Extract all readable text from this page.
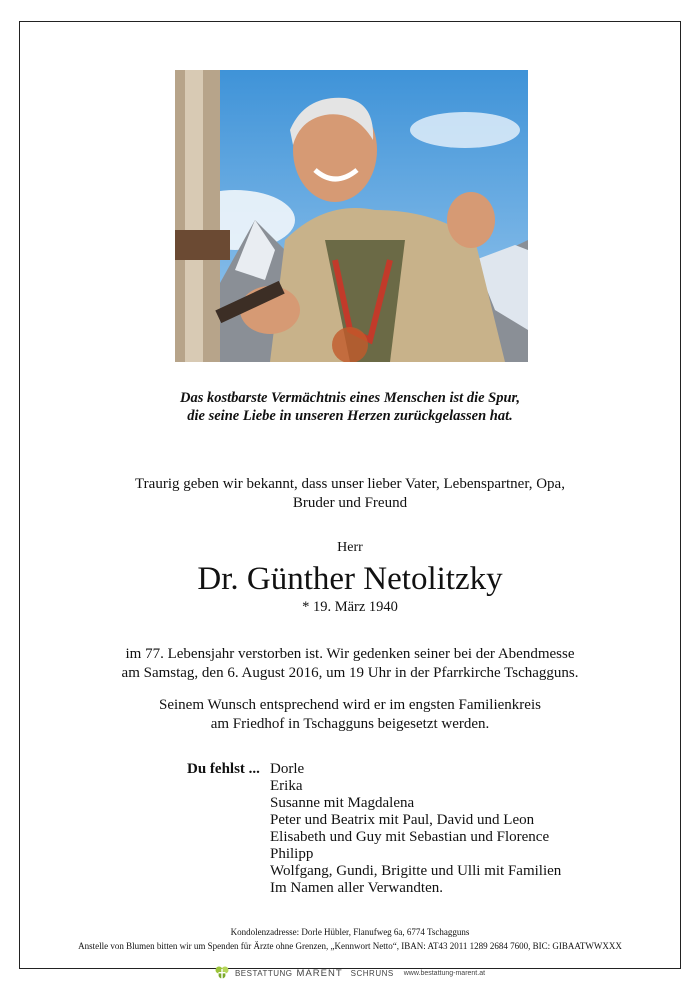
Das kostbarste Vermächtnis eines Menschen ist die Spur,
die seine Liebe in unseren Herzen zurückgelassen hat.
Traurig geben wir bekannt, dass unser lieber Vater, Lebenspartner, Opa,
Bruder und Freund
Herr
Dr. Günther Netolitzky
* 19. März 1940
im 77. Lebensjahr verstorben ist. Wir gedenken seiner bei der Abendmesse
am Samstag, den 6. August 2016, um 19 Uhr in der Pfarrkirche Tschagguns.
Seinem Wunsch entsprechend wird er im engsten Familienkreis
am Friedhof in Tschagguns beigesetzt werden.
Du fehlst ... Dorle
Erika
Susanne mit Magdalena
Peter und Beatrix mit Paul, David und Leon
Elisabeth und Guy mit Sebastian und Florence
Philipp
Wolfgang, Gundi, Brigitte und Ulli mit Familien
Im Namen aller Verwandten.
Kondolenzadresse: Dorle Hübler, Flanufweg 6a, 6774 Tschagguns
Anstelle von Blumen bitten wir um Spenden für Ärzte ohne Grenzen, „Kennwort Netto“, IBAN: AT43 2011 1289 2684 7600, BIC: GIBAATWWXXX
BESTATTUNG MARENT SCHRUNS www.bestattung-marent.at
